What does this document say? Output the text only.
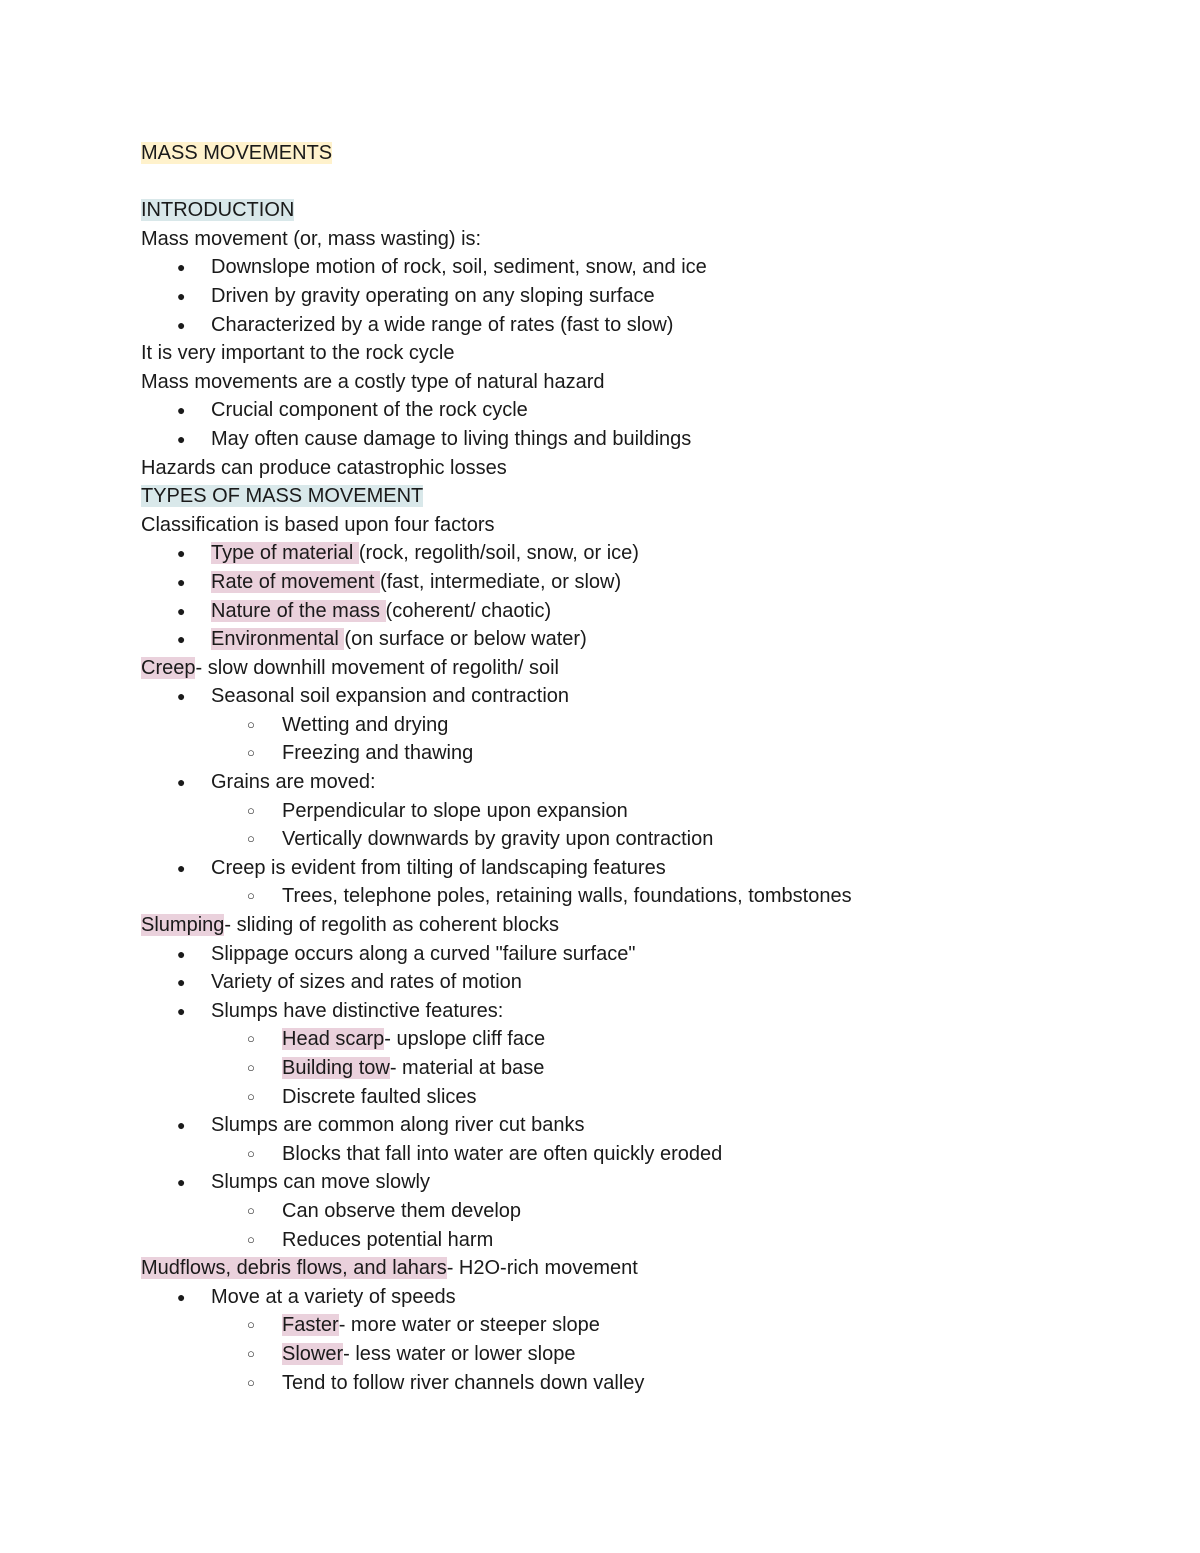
MASS MOVEMENTS
INTRODUCTION
Mass movement (or, mass wasting) is:
● Downslope motion of rock, soil, sediment, snow, and ice
● Driven by gravity operating on any sloping surface
● Characterized by a wide range of rates (fast to slow)
It is very important to the rock cycle
Mass movements are a costly type of natural hazard
● Crucial component of the rock cycle
● May often cause damage to living things and buildings
Hazards can produce catastrophic losses
TYPES OF MASS MOVEMENT
Classification is based upon four factors
● Type of material (rock, regolith/soil, snow, or ice)
● Rate of movement (fast, intermediate, or slow)
● Nature of the mass (coherent/ chaotic)
● Environmental (on surface or below water)
Creep- slow downhill movement of regolith/ soil
● Seasonal soil expansion and contraction
○ Wetting and drying
○ Freezing and thawing
● Grains are moved:
○ Perpendicular to slope upon expansion
○ Vertically downwards by gravity upon contraction
● Creep is evident from tilting of landscaping features
○ Trees, telephone poles, retaining walls, foundations, tombstones
Slumping- sliding of regolith as coherent blocks
● Slippage occurs along a curved "failure surface"
● Variety of sizes and rates of motion
● Slumps have distinctive features:
○ Head scarp- upslope cliff face
○ Building tow- material at base
○ Discrete faulted slices
● Slumps are common along river cut banks
○ Blocks that fall into water are often quickly eroded
● Slumps can move slowly
○ Can observe them develop
○ Reduces potential harm
Mudflows, debris flows, and lahars- H2O-rich movement
● Move at a variety of speeds
○ Faster- more water or steeper slope
○ Slower- less water or lower slope
○ Tend to follow river channels down valley
